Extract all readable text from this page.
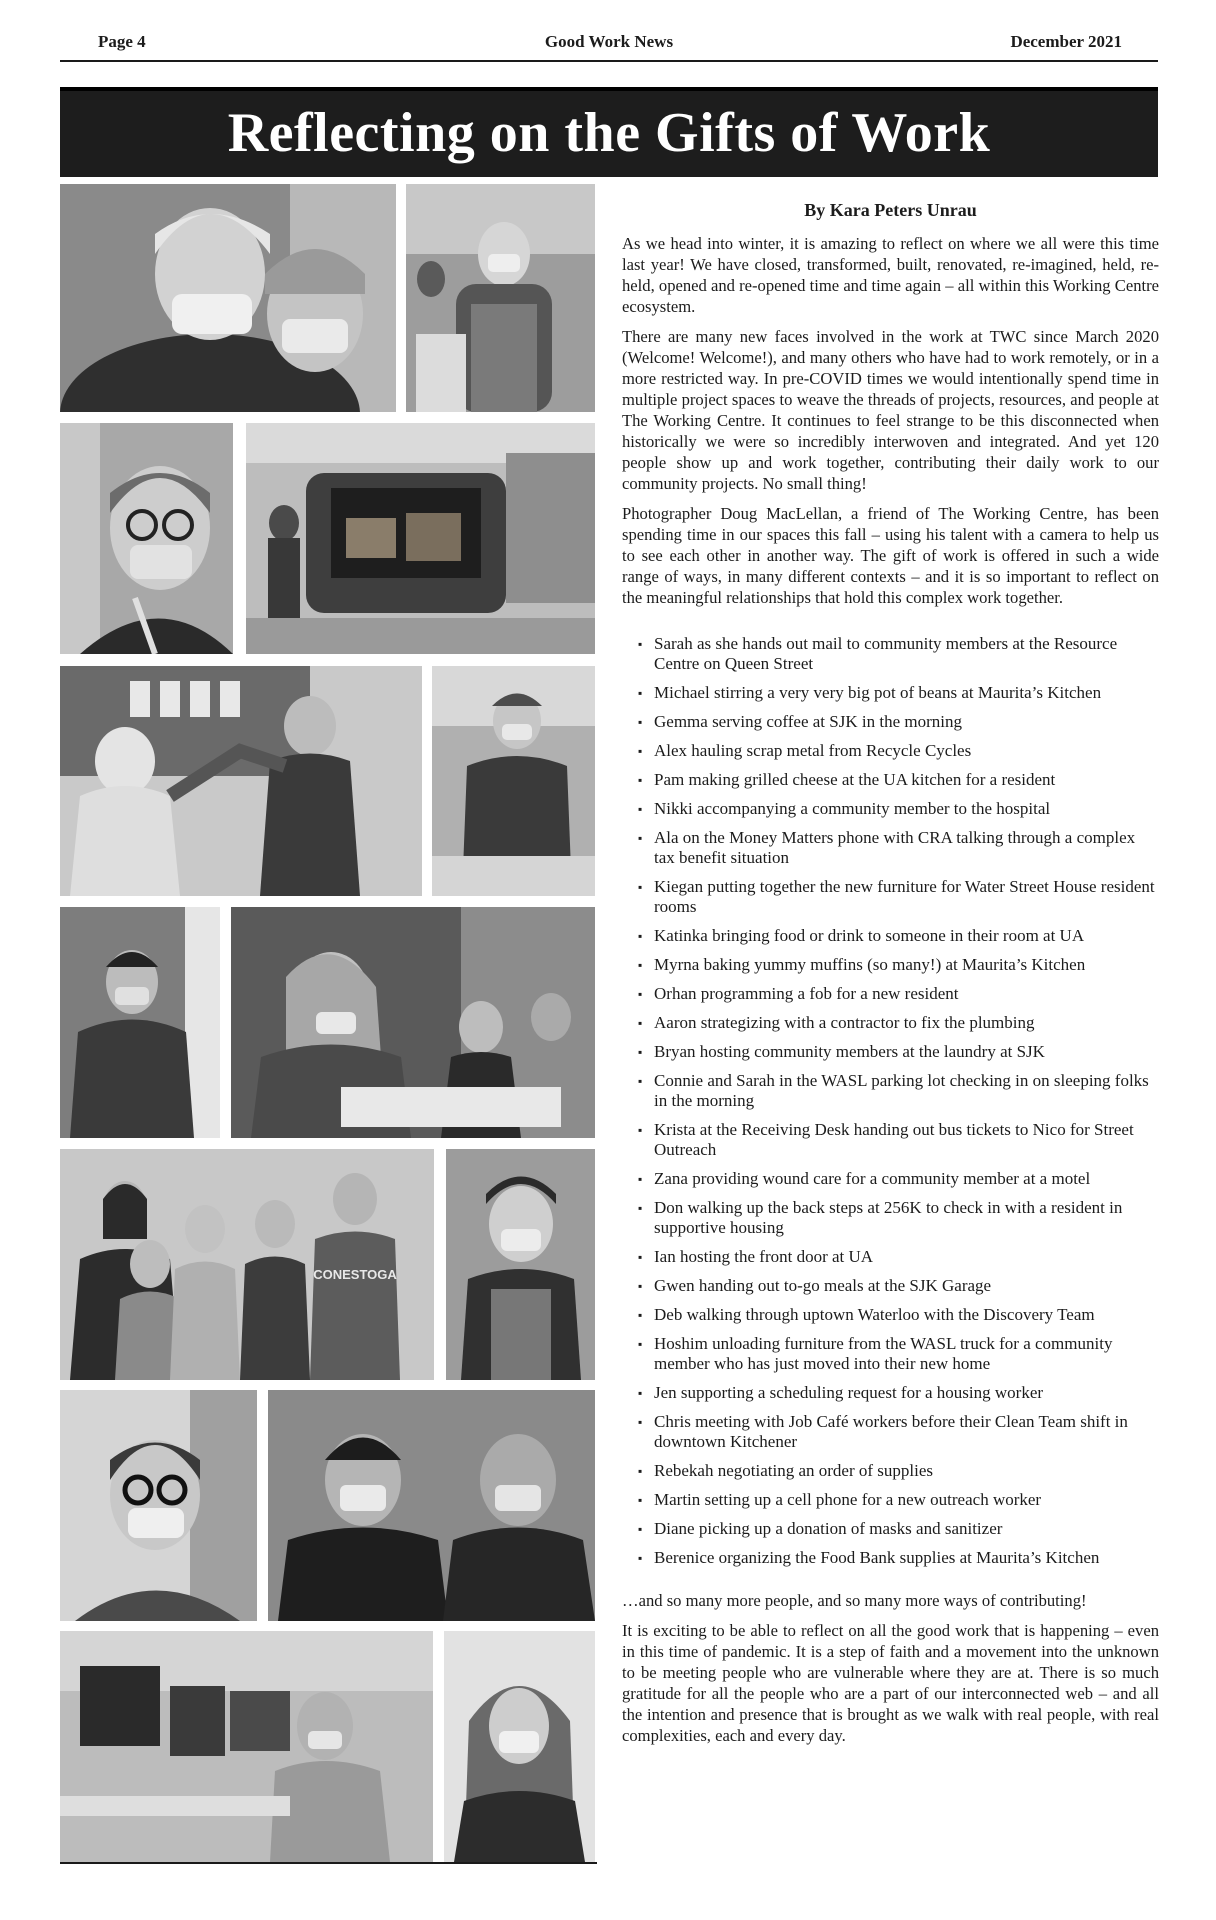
Page 4	Good Work News	December 2021
Reflecting on the Gifts of Work
CONESTOGA
By Kara Peters Unrau

As we head into winter, it is amazing to reflect on where we all were this time last year! We have closed, transformed, built, renovated, re-imagined, held, re-held, opened and re-opened time and time again – all within this Working Centre ecosystem.

There are many new faces involved in the work at TWC since March 2020 (Welcome! Welcome!), and many others who have had to work remotely, or in a more restricted way. In pre-COVID times we would intentionally spend time in multiple project spaces to weave the threads of projects, resources, and people at The Working Centre. It continues to feel strange to be this disconnected when historically we were so incredibly interwoven and integrated. And yet 120 people show up and work together, contributing their daily work to our community projects. No small thing!

Photographer Doug MacLellan, a friend of The Working Centre, has been spending time in our spaces this fall – using his talent with a camera to help us to see each other in another way. The gift of work is offered in such a wide range of ways, in many different contexts – and it is so important to reflect on the meaningful relationships that hold this complex work together.

▪ Sarah as she hands out mail to community members at the Resource Centre on Queen Street
▪ Michael stirring a very very big pot of beans at Maurita’s Kitchen
▪ Gemma serving coffee at SJK in the morning
▪ Alex hauling scrap metal from Recycle Cycles
▪ Pam making grilled cheese at the UA kitchen for a resident
▪ Nikki accompanying a community member to the hospital
▪ Ala on the Money Matters phone with CRA talking through a complex tax benefit situation
▪ Kiegan putting together the new furniture for Water Street House resident rooms
▪ Katinka bringing food or drink to someone in their room at UA
▪ Myrna baking yummy muffins (so many!) at Maurita’s Kitchen
▪ Orhan programming a fob for a new resident
▪ Aaron strategizing with a contractor to fix the plumbing
▪ Bryan hosting community members at the laundry at SJK
▪ Connie and Sarah in the WASL parking lot checking in on sleeping folks in the morning
▪ Krista at the Receiving Desk handing out bus tickets to Nico for Street Outreach
▪ Zana providing wound care for a community member at a motel
▪ Don walking up the back steps at 256K to check in with a resident in supportive housing
▪ Ian hosting the front door at UA
▪ Gwen handing out to-go meals at the SJK Garage
▪ Deb walking through uptown Waterloo with the Discovery Team
▪ Hoshim unloading furniture from the WASL truck for a community member who has just moved into their new home
▪ Jen supporting a scheduling request for a housing worker
▪ Chris meeting with Job Café workers before their Clean Team shift in downtown Kitchener
▪ Rebekah negotiating an order of supplies
▪ Martin setting up a cell phone for a new outreach worker
▪ Diane picking up a donation of masks and sanitizer
▪ Berenice organizing the Food Bank supplies at Maurita’s Kitchen

…and so many more people, and so many more ways of contributing!

It is exciting to be able to reflect on all the good work that is happening – even in this time of pandemic. It is a step of faith and a movement into the unknown to be meeting people who are vulnerable where they are at. There is so much gratitude for all the people who are a part of our interconnected web – and all the intention and presence that is brought as we walk with real people, with real complexities, each and every day.
